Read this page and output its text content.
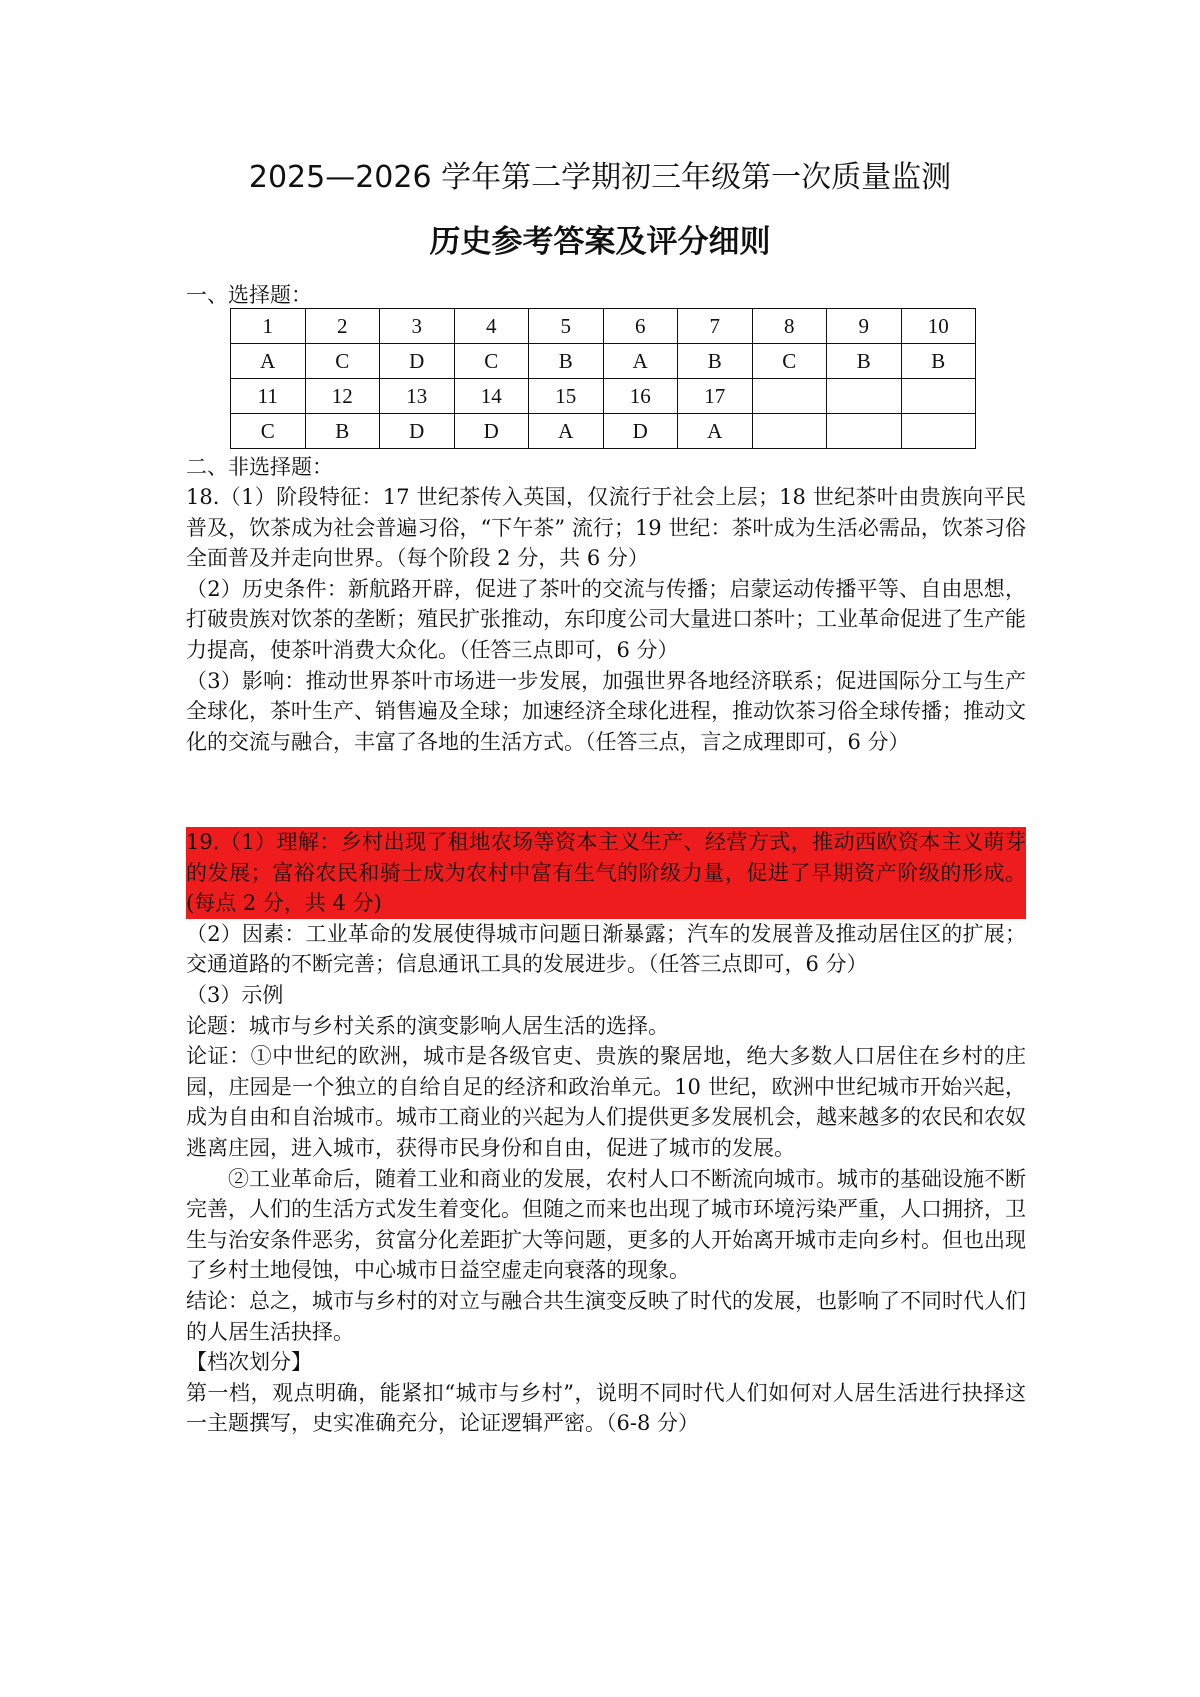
2025—2026 学年第二学期初三年级第一次质量监测
历史参考答案及评分细则
一、选择题：
1	2	3	4	5	6	7	8	9	10
A	C	D	C	B	A	B	C	B	B
11	12	13	14	15	16	17			
C	B	D	D	A	D	A			
二、非选择题：

18.（1）阶段特征：17 世纪茶传入英国，仅流行于社会上层；18 世纪茶叶由贵族向平民普及，饮茶成为社会普遍习俗，“下午茶” 流行；19 世纪：茶叶成为生活必需品，饮茶习俗全面普及并走向世界。（每个阶段 2 分，共 6 分）

（2）历史条件：新航路开辟，促进了茶叶的交流与传播；启蒙运动传播平等、自由思想，打破贵族对饮茶的垄断；殖民扩张推动，东印度公司大量进口茶叶；工业革命促进了生产能力提高，使茶叶消费大众化。（任答三点即可，6 分）

（3）影响：推动世界茶叶市场进一步发展，加强世界各地经济联系；促进国际分工与生产全球化，茶叶生产、销售遍及全球；加速经济全球化进程，推动饮茶习俗全球传播；推动文化的交流与融合，丰富了各地的生活方式。（任答三点，言之成理即可，6 分）

19.（1）理解：乡村出现了租地农场等资本主义生产、经营方式，推动西欧资本主义萌芽的发展；富裕农民和骑士成为农村中富有生气的阶级力量，促进了早期资产阶级的形成。(每点 2 分，共 4 分)

（2）因素：工业革命的发展使得城市问题日渐暴露；汽车的发展普及推动居住区的扩展；交通道路的不断完善；信息通讯工具的发展进步。（任答三点即可，6 分）

（3）示例

论题：城市与乡村关系的演变影响人居生活的选择。

论证：①中世纪的欧洲，城市是各级官吏、贵族的聚居地，绝大多数人口居住在乡村的庄园，庄园是一个独立的自给自足的经济和政治单元。10 世纪，欧洲中世纪城市开始兴起，成为自由和自治城市。城市工商业的兴起为人们提供更多发展机会，越来越多的农民和农奴逃离庄园，进入城市，获得市民身份和自由，促进了城市的发展。

②工业革命后，随着工业和商业的发展，农村人口不断流向城市。城市的基础设施不断完善，人们的生活方式发生着变化。但随之而来也出现了城市环境污染严重，人口拥挤，卫生与治安条件恶劣，贫富分化差距扩大等问题，更多的人开始离开城市走向乡村。但也出现了乡村土地侵蚀，中心城市日益空虚走向衰落的现象。

结论：总之，城市与乡村的对立与融合共生演变反映了时代的发展，也影响了不同时代人们的人居生活抉择。

【档次划分】

第一档，观点明确，能紧扣“城市与乡村”，说明不同时代人们如何对人居生活进行抉择这一主题撰写，史实准确充分，论证逻辑严密。（6-8 分）
